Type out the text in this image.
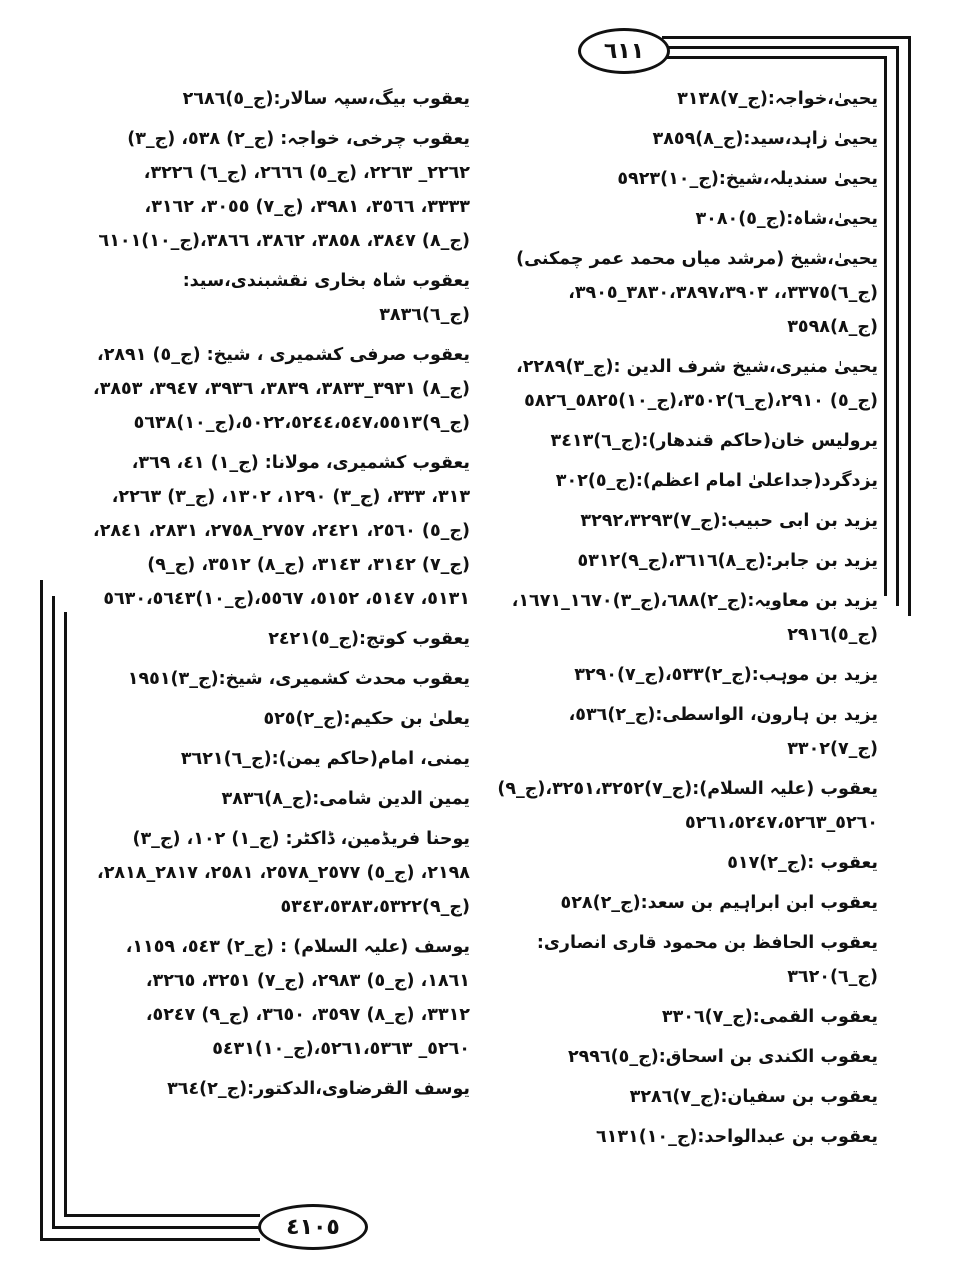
٦١١
٤١٠٥
یحییٰ،خواجہ:(ج_٧)٣١٣٨
یحییٰ زاہد،سید:(ج_٨)٣٨٥٩
یحییٰ سندیلہ،شیخ:(ج_١٠)٥٩٢٣
یحییٰ،شاہ:(ج_٥)٣٠٨٠
یحییٰ،شیخ (مرشد میاں محمد عمر چمکنی) (ج_٦)٣٣٧٥،، ٣٨٣٠،٣٨٩٧،٣٩٠٣_٣٩٠٥،(ج_٨)٣٥٩٨
یحییٰ منیری،شیخ شرف الدین :(ج_٣)٢٢٨٩،(ج_٥) ٢٩١٠،(ج_٦)٣٥٠٢،(ج_١٠)٥٨٢٥_٥٨٢٦
یرولیس خان(حاکم قندھار):(ج_٦)٣٤١٣
یزدگرد(جداعلیٰ امام اعظم):(ج_٥)٣٠٢
یزید بن ابی حبیب:(ج_٧)٣٢٩٢،٣٢٩٣
یزید بن جابر:(ج_٨)٣٦١٦،(ج_٩)٥٣١٢
یزید بن معاویہ:(ج_٢)٦٨٨،(ج_٣)١٦٧٠_١٦٧١، (ج_٥)٢٩١٦
یزید بن موہب:(ج_٢)٥٣٣،(ج_٧)٣٢٩٠
یزید بن ہارون، الواسطی:(ج_٢)٥٣٦،(ج_٧)٣٣٠٢
یعقوب (علیہ السلام):(ج_٧)٣٢٥١،٣٢٥٢،(ج_٩) ٥٢٦٠_٥٢٦١،٥٢٤٧،٥٢٦٣
یعقوب :(ج_٢)٥١٧
یعقوب ابن ابراہیم بن سعد:(ج_٢)٥٢٨
یعقوب الحافظ بن محمود قاری انصاری:(ج_٦)٣٦٢٠
یعقوب القمی:(ج_٧)٣٣٠٦
یعقوب الکندی بن اسحاق:(ج_٥)٢٩٩٦
یعقوب بن سفیان:(ج_٧)٣٢٨٦
یعقوب بن عبدالواحد:(ج_١٠)٦١٣١
یعقوب بیگ،سپہ سالار:(ج_٥)٢٦٨٦
یعقوب چرخی، خواجہ: (ج_٢) ٥٣٨، (ج_٣) ٢٢٦٢_ ٢٢٦٣، (ج_٥) ٢٦٦٦، (ج_٦) ٣٢٢٦، ٣٣٣٣، ٣٥٦٦، ٣٩٨١، (ج_٧) ٣٠٥٥، ٣١٦٢، (ج_٨) ٣٨٤٧، ٣٨٥٨، ٣٨٦٢، ٣٨٦٦،(ج_١٠)٦١٠١
یعقوب شاہ بخاری نقشبندی،سید:(ج_٦)٣٨٣٦
یعقوب صرفی کشمیری ، شیخ: (ج_٥) ٢٨٩١، (ج_٨) ٣٩٣١_٣٨٣٣، ٣٨٣٩، ٣٩٣٦، ٣٩٤٧، ٣٨٥٣، (ج_٩)٥٠٢٢،٥٢٤٤،٥٤٧،٥٥١٣،(ج_١٠)٥٦٣٨
یعقوب کشمیری، مولانا: (ج_١) ٤١، ٣٦٩، ٣١٣، ٣٣٣، (ج_٣) ١٢٩٠، ١٣٠٢، (ج_٣) ٢٢٦٣، (ج_٥) ٢٥٦٠، ٢٤٢١، ٢٧٥٧_٢٧٥٨، ٢٨٣١، ٢٨٤١، (ج_٧) ٣١٤٢، ٣١٤٣، (ج_٨) ٣٥١٢، (ج_٩) ٥١٣١، ٥١٤٧، ٥١٥٢، ٥٥٦٧،(ج_١٠)٥٦٣٠،٥٦٤٣
یعقوب کوتج:(ج_٥)٢٤٢١
یعقوب محدث کشمیری، شیخ:(ج_٣)١٩٥١
یعلیٰ بن حکیم:(ج_٢)٥٢٥
یمنی، امام(حاکم یمن):(ج_٦)٣٦٢١
یمین الدین شامی:(ج_٨)٣٨٣٦
یوحنا فریڈمین، ڈاکٹر: (ج_١) ١٠٢، (ج_٣) ٢١٩٨، (ج_٥) ٢٥٧٧_٢٥٧٨، ٢٥٨١، ٢٨١٧_٢٨١٨، (ج_٩)٥٣٤٣،٥٣٨٣،٥٣٢٢
یوسف (علیہ السلام) : (ج_٢) ٥٤٣، ١١٥٩، ١٨٦١، (ج_٥) ٢٩٨٣، (ج_٧) ٣٢٥١، ٣٢٦٥، ٣٣١٢، (ج_٨) ٣٥٩٧، ٣٦٥٠، (ج_٩) ٥٢٤٧، ٥٢٦٠_ ٥٢٦١،٥٣٦٣،(ج_١٠)٥٤٣١
یوسف القرضاوی،الدکتور:(ج_٢)٣٦٤
